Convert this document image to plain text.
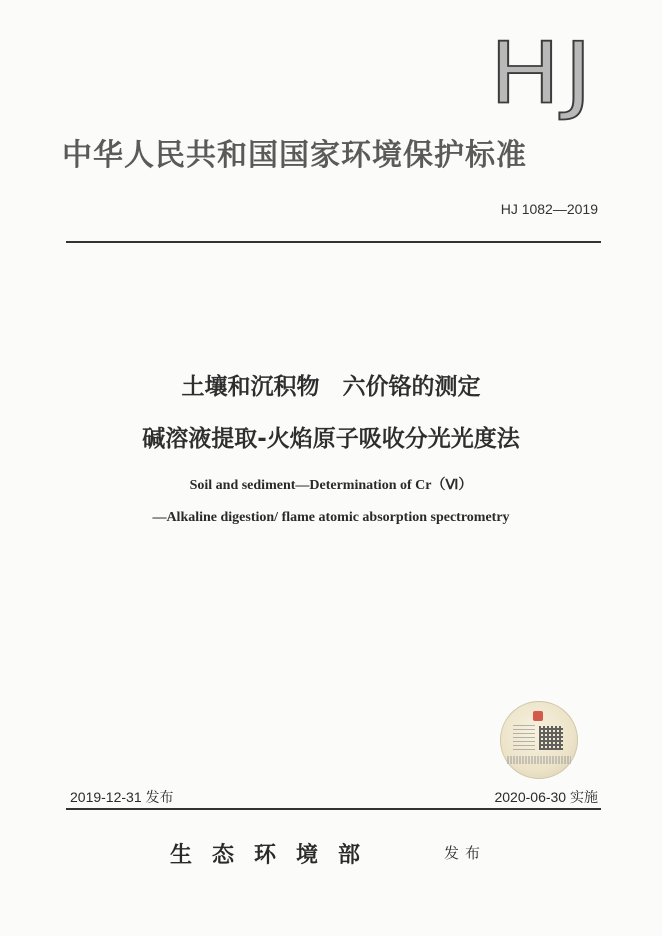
HJ
中华人民共和国国家环境保护标准
HJ 1082—2019
土壤和沉积物　六价铬的测定
碱溶液提取-火焰原子吸收分光光度法
Soil and sediment—Determination of Cr（Ⅵ）
—Alkaline digestion/ flame atomic absorption spectrometry
2019-12-31 发布	2020-06-30 实施
生态环境部	发布
